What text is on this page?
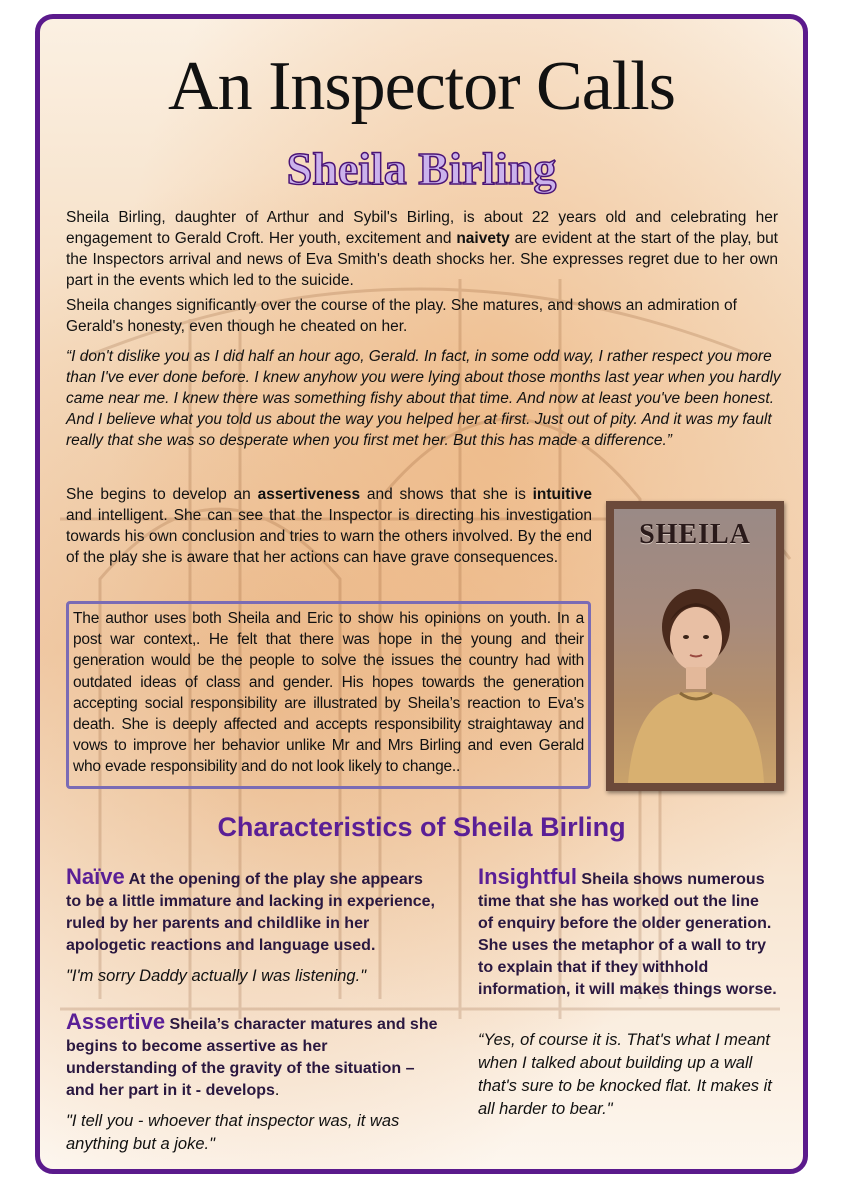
An Inspector Calls
Sheila Birling
Sheila Birling, daughter of Arthur and Sybil's Birling, is about 22 years old and celebrating her engagement to Gerald Croft. Her youth, excitement and naivety are evident at the start of the play, but the Inspectors arrival and news of Eva Smith's death shocks her. She expresses regret due to her own part in the events which led to the suicide.
Sheila changes significantly over the course of the play. She matures, and shows an admiration of Gerald's honesty, even though he cheated on her.
“I don't dislike you as I did half an hour ago, Gerald. In fact, in some odd way, I rather respect you more than I've ever done before. I knew anyhow you were lying about those months last year when you hardly came near me. I knew there was something fishy about that time. And now at least you've been honest. And I believe what you told us about the way you helped her at first. Just out of pity. And it was my fault really that she was so desperate when you first met her. But this has made a difference.”
She begins to develop an assertiveness and shows that she is intuitive and intelligent. She can see that the Inspector is directing his investigation towards his own conclusion and tries to warn the others involved. By the end of the play she is aware that her actions can have grave consequences.
SHEILA
The author uses both Sheila and Eric to show his opinions on youth. In a post war context,. He felt that there was hope in the young and their generation would be the people to solve the issues the country had with outdated ideas of class and gender. His hopes towards the generation accepting social responsibility are illustrated by Sheila’s reaction to Eva's death. She is deeply affected and accepts responsibility straightaway and vows to improve her behavior unlike Mr and Mrs Birling and even Gerald who evade responsibility and do not look likely to change..
Characteristics of Sheila Birling
Naïve At the opening of the play she appears to be a little immature and lacking in experience, ruled by her parents and childlike in her apologetic reactions and language used.
"I'm sorry Daddy actually I was listening."
Assertive Sheila’s character matures and she begins to become assertive as her understanding of the gravity of the situation – and her part in it - develops.
"I tell you - whoever that inspector was, it was anything but a joke."
Insightful Sheila shows numerous time that she has worked out the line of enquiry before the older generation. She uses the metaphor of a wall to try to explain that if they withhold information, it will makes things worse.
“Yes, of course it is. That's what I meant when I talked about building up a wall that's sure to be knocked flat. It makes it all harder to bear."
